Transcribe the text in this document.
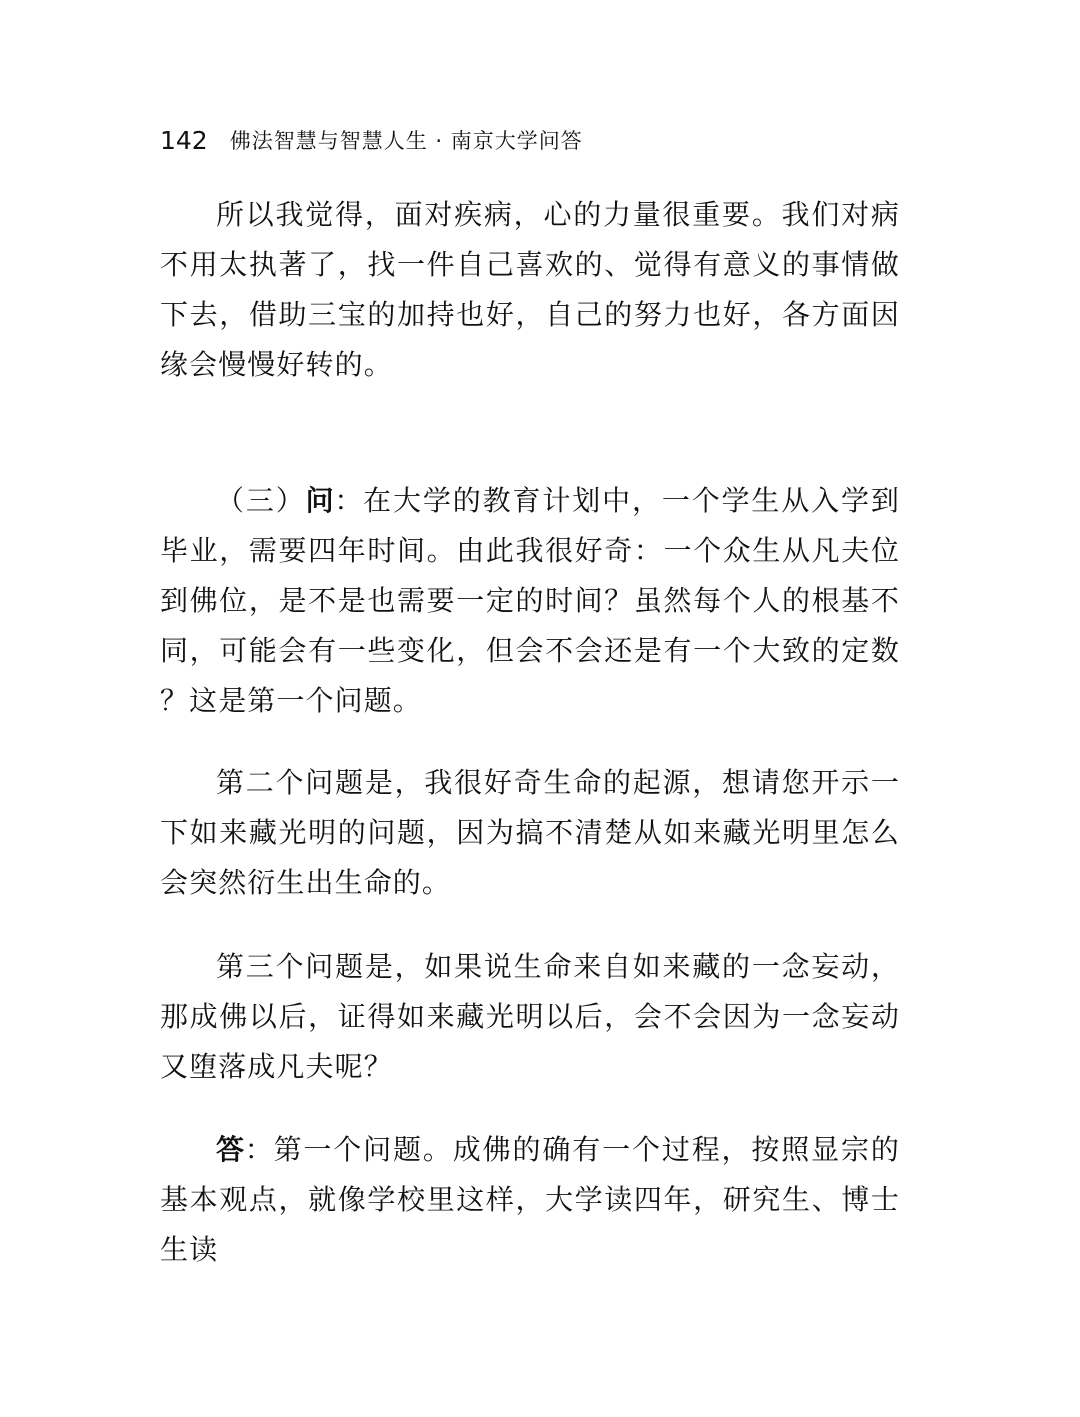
142 佛法智慧与智慧人生 · 南京大学问答

所以我觉得，面对疾病，心的力量很重要。我们对病不用太执著了，找一件自己喜欢的、觉得有意义的事情做下去，借助三宝的加持也好，自己的努力也好，各方面因缘会慢慢好转的。

（三）问：在大学的教育计划中，一个学生从入学到毕业，需要四年时间。由此我很好奇：一个众生从凡夫位到佛位，是不是也需要一定的时间？虽然每个人的根基不同，可能会有一些变化，但会不会还是有一个大致的定数？这是第一个问题。

第二个问题是，我很好奇生命的起源，想请您开示一下如来藏光明的问题，因为搞不清楚从如来藏光明里怎么会突然衍生出生命的。

第三个问题是，如果说生命来自如来藏的一念妄动，那成佛以后，证得如来藏光明以后，会不会因为一念妄动又堕落成凡夫呢？

答：第一个问题。成佛的确有一个过程，按照显宗的基本观点，就像学校里这样，大学读四年，研究生、博士生读
